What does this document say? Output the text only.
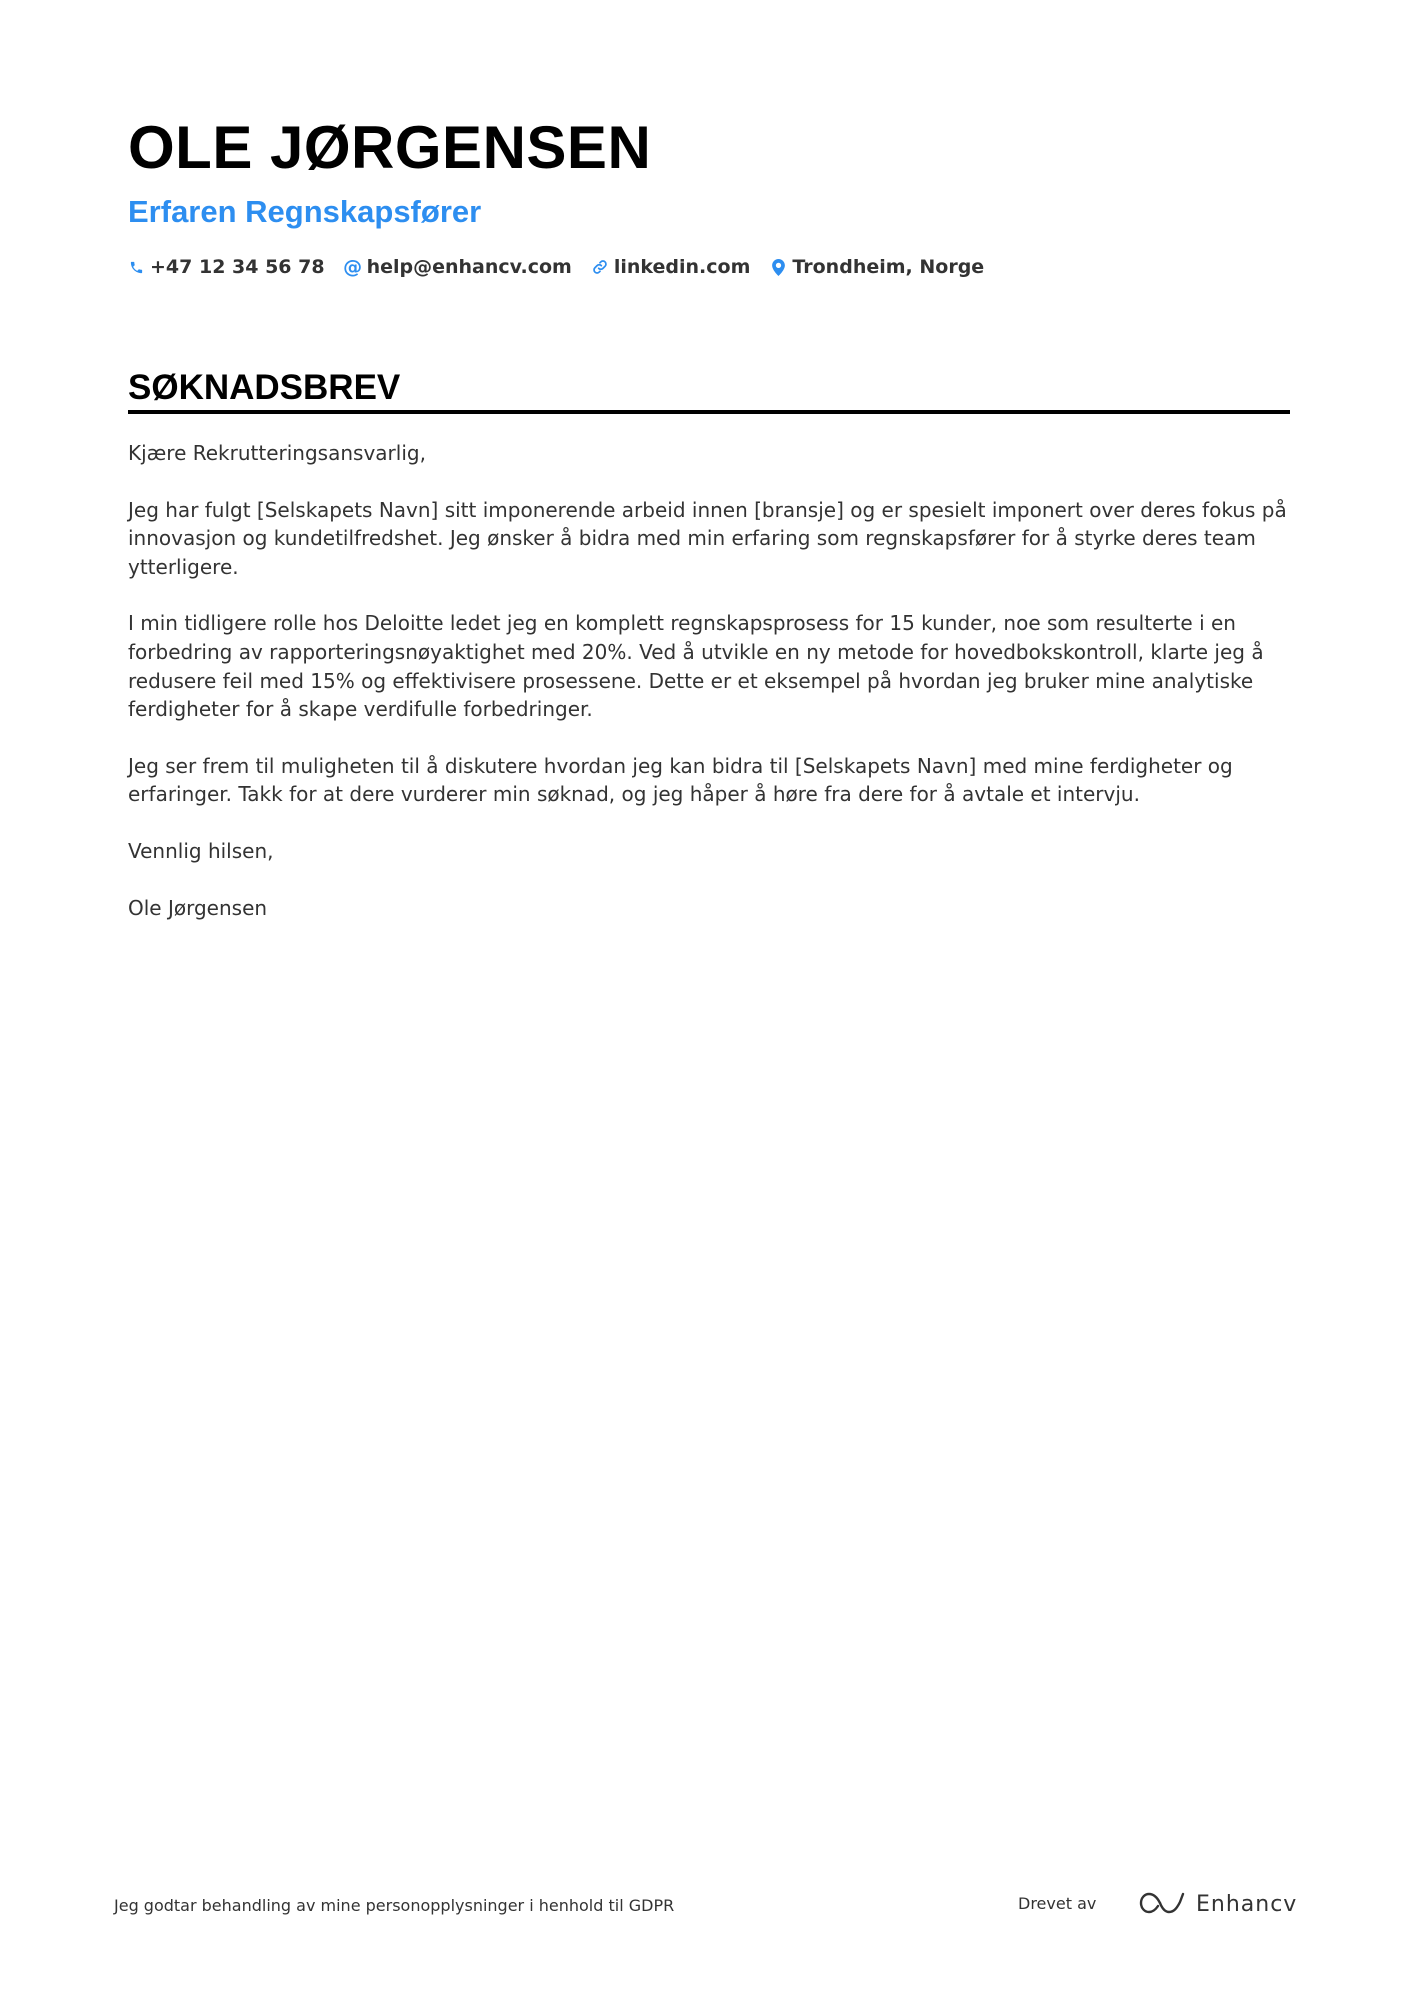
OLE JØRGENSEN
Erfaren Regnskapsfører
+47 12 34 56 78 @ help@enhancv.com linkedin.com Trondheim, Norge
SØKNADSBREV

Kjære Rekrutteringsansvarlig,

Jeg har fulgt [Selskapets Navn] sitt imponerende arbeid innen [bransje] og er spesielt imponert over deres fokus på innovasjon og kundetilfredshet. Jeg ønsker å bidra med min erfaring som regnskapsfører for å styrke deres team ytterligere.

I min tidligere rolle hos Deloitte ledet jeg en komplett regnskapsprosess for 15 kunder, noe som resulterte i en forbedring av rapporteringsnøyaktighet med 20%. Ved å utvikle en ny metode for hovedbokskontroll, klarte jeg å redusere feil med 15% og effektivisere prosessene. Dette er et eksempel på hvordan jeg bruker mine analytiske ferdigheter for å skape verdifulle forbedringer.

Jeg ser frem til muligheten til å diskutere hvordan jeg kan bidra til [Selskapets Navn] med mine ferdigheter og erfaringer. Takk for at dere vurderer min søknad, og jeg håper å høre fra dere for å avtale et intervju.

Vennlig hilsen,

Ole Jørgensen

Jeg godtar behandling av mine personopplysninger i henhold til GDPR	Drevet av	Enhancv
